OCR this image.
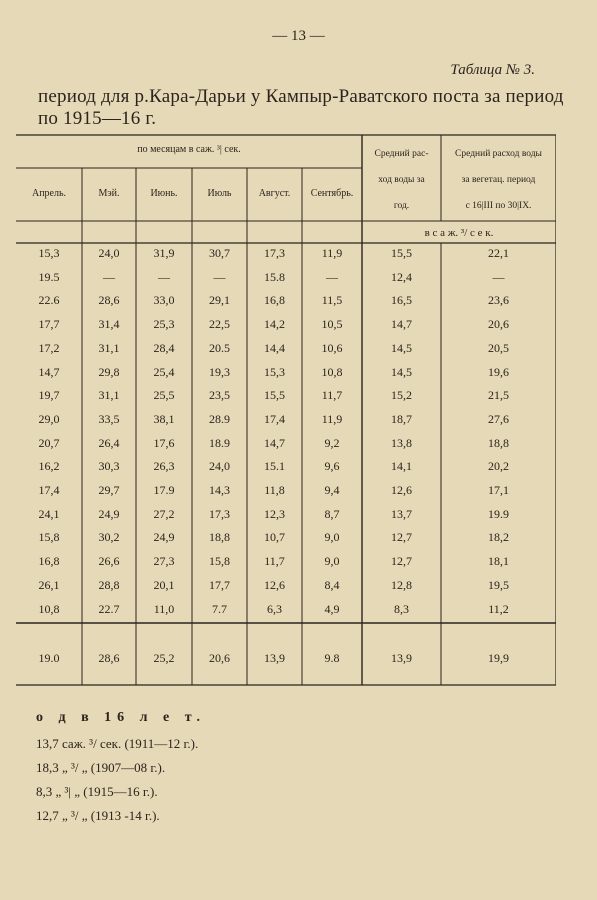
— 13 —
Таблица № 3.
период для р.Кара-Дарьи у Кампыр-Раватского поста за период
по 1915—16 г.
по месяцам в саж. ³| сек.	Средний рас-
ход воды за
год.
Средний расход воды
за вегетац. период
с 16|III по 30|IX.
в с а ж. ³/ с е к.
Апрель.	Мэй.	Июнь.	Июль	Август.	Сентябрь.
15,3	24,0	31,9	30,7	17,3	11,9	15,5	22,1
19.5	—	—	—	15.8	—	12,4	—
22.6	28,6	33,0	29,1	16,8	11,5	16,5	23,6
17,7	31,4	25,3	22,5	14,2	10,5	14,7	20,6
17,2	31,1	28,4	20.5	14,4	10,6	14,5	20,5
14,7	29,8	25,4	19,3	15,3	10,8	14,5	19,6
19,7	31,1	25,5	23,5	15,5	11,7	15,2	21,5
29,0	33,5	38,1	28.9	17,4	11,9	18,7	27,6
20,7	26,4	17,6	18.9	14,7	9,2	13,8	18,8
16,2	30,3	26,3	24,0	15.1	9,6	14,1	20,2
17,4	29,7	17.9	14,3	11,8	9,4	12,6	17,1
24,1	24,9	27,2	17,3	12,3	8,7	13,7	19.9
15,8	30,2	24,9	18,8	10,7	9,0	12,7	18,2
16,8	26,6	27,3	15,8	11,7	9,0	12,7	18,1
26,1	28,8	20,1	17,7	12,6	8,4	12,8	19,5
10,8	22.7	11,0	7.7	6,3	4,9	8,3	11,2
19.0	28,6	25,2	20,6	13,9	9.8	13,9	19,9
о д в 16 л е т.
13,7 саж. ³/ сек. (1911—12 г.).
18,3 „ ³/ „ (1907—08 г.).
8,3 „ ³| „ (1915—16 г.).
12,7 „ ³/ „ (1913 -14 г.).
